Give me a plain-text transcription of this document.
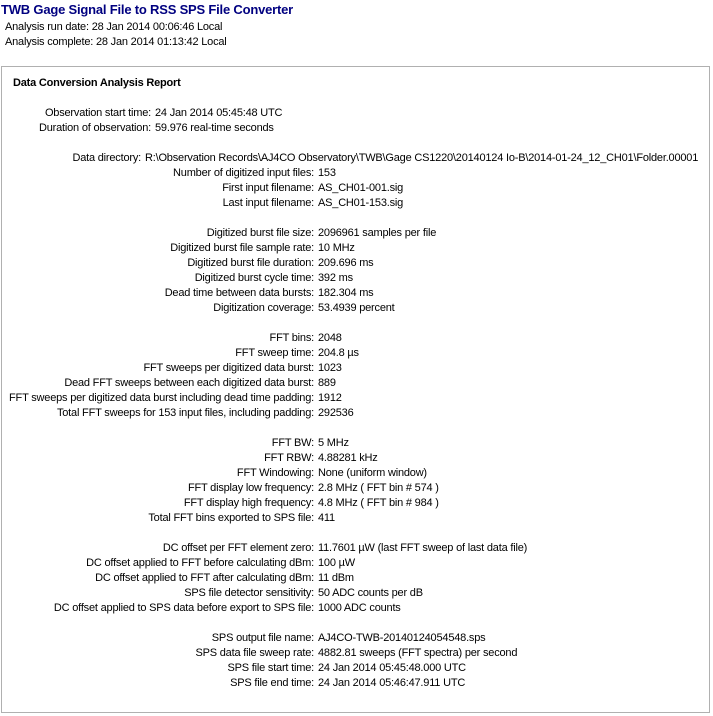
TWB Gage Signal File to RSS SPS File Converter
Analysis run date: 28 Jan 2014 00:06:46 Local
Analysis complete: 28 Jan 2014 01:13:42 Local
Data Conversion Analysis Report
Observation start time: 24 Jan 2014 05:45:48 UTC
Duration of observation: 59.976 real-time seconds
Data directory: R:\Observation Records\AJ4CO Observatory\TWB\Gage CS1220\20140124 Io-B\2014-01-24_12_CH01\Folder.00001
Number of digitized input files: 153
First input filename: AS_CH01-001.sig
Last input filename: AS_CH01-153.sig
Digitized burst file size: 2096961 samples per file
Digitized burst file sample rate: 10 MHz
Digitized burst file duration: 209.696 ms
Digitized burst cycle time: 392 ms
Dead time between data bursts: 182.304 ms
Digitization coverage: 53.4939 percent
FFT bins: 2048
FFT sweep time: 204.8 µs
FFT sweeps per digitized data burst: 1023
Dead FFT sweeps between each digitized data burst: 889
FFT sweeps per digitized data burst including dead time padding: 1912
Total FFT sweeps for 153 input files, including padding: 292536
FFT BW: 5 MHz
FFT RBW: 4.88281 kHz
FFT Windowing: None (uniform window)
FFT display low frequency: 2.8 MHz ( FFT bin # 574 )
FFT display high frequency: 4.8 MHz ( FFT bin # 984 )
Total FFT bins exported to SPS file: 411
DC offset per FFT element zero: 11.7601 µW (last FFT sweep of last data file)
DC offset applied to FFT before calculating dBm: 100 µW
DC offset applied to FFT after calculating dBm: 11 dBm
SPS file detector sensitivity: 50 ADC counts per dB
DC offset applied to SPS data before export to SPS file: 1000 ADC counts
SPS output file name: AJ4CO-TWB-20140124054548.sps
SPS data file sweep rate: 4882.81 sweeps (FFT spectra) per second
SPS file start time: 24 Jan 2014 05:45:48.000 UTC
SPS file end time: 24 Jan 2014 05:46:47.911 UTC
